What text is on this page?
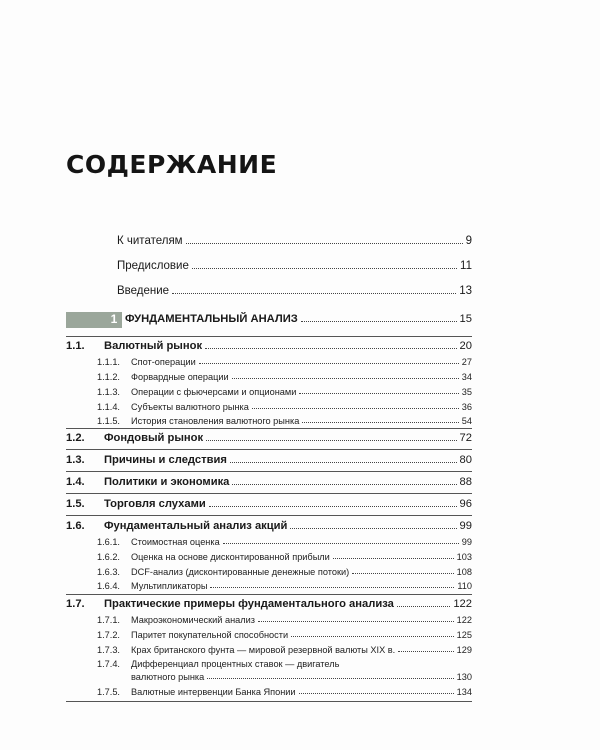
СОДЕРЖАНИЕ
К читателям	9
Предисловие	11
Введение	13
1 ФУНДАМЕНТАЛЬНЫЙ АНАЛИЗ	15
1.1.	Валютный рынок	20
1.1.1.	Спот-операции	27
1.1.2.	Форвардные операции	34
1.1.3.	Операции с фьючерсами и опционами	35
1.1.4.	Субъекты валютного рынка	36
1.1.5.	История становления валютного рынка	54
1.2.	Фондовый рынок	72
1.3.	Причины и следствия	80
1.4.	Политики и экономика	88
1.5.	Торговля слухами	96
1.6.	Фундаментальный анализ акций	99
1.6.1.	Стоимостная оценка	99
1.6.2.	Оценка на основе дисконтированной прибыли	103
1.6.3.	DCF-анализ (дисконтированные денежные потоки)	108
1.6.4.	Мультипликаторы	110
1.7.	Практические примеры фундаментального анализа	122
1.7.1.	Макроэкономический анализ	122
1.7.2.	Паритет покупательной способности	125
1.7.3.	Крах британского фунта — мировой резервной валюты XIX в.	129
1.7.4.	Дифференциал процентных ставок — двигатель
валютного рынка	130
1.7.5.	Валютные интервенции Банка Японии	134
